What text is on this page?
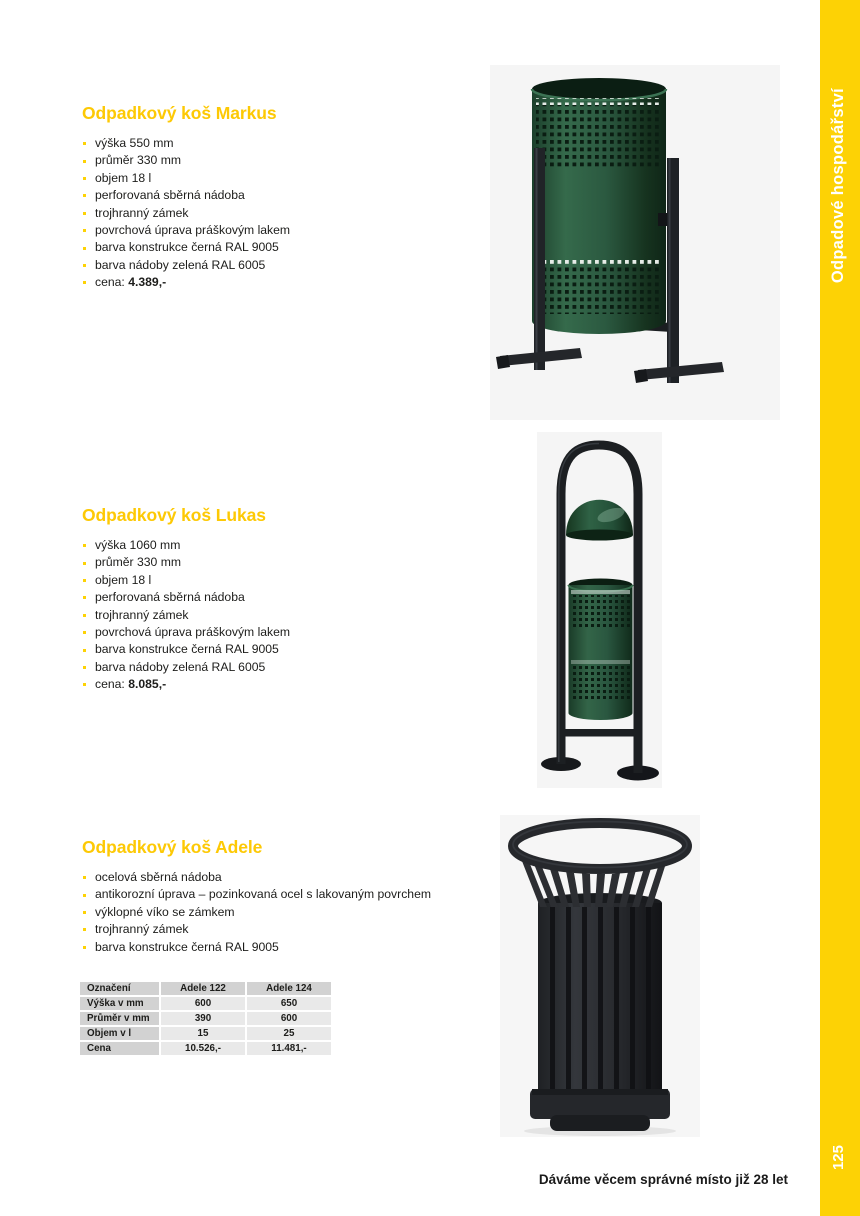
Odpadkový koš Markus
výška 550 mm
průměr 330 mm
objem 18 l
perforovaná sběrná nádoba
trojhranný zámek
povrchová úprava práškovým lakem
barva konstrukce černá RAL 9005
barva nádoby zelená RAL 6005
cena: 4.389,-
Odpadkový koš Lukas
výška 1060 mm
průměr 330 mm
objem 18 l
perforovaná sběrná nádoba
trojhranný zámek
povrchová úprava práškovým lakem
barva konstrukce černá RAL 9005
barva nádoby zelená RAL 6005
cena: 8.085,-
Odpadkový koš Adele
ocelová sběrná nádoba
antikorozní úprava – pozinkovaná ocel s lakovaným povrchem
výklopné víko se zámkem
trojhranný zámek
barva konstrukce černá RAL 9005
Označení	Adele 122	Adele 124
Výška v mm	600	650
Průměr v mm	390	600
Objem v l	15	25
Cena	10.526,-	11.481,-
Dáváme věcem správné místo již 28 let
Odpadové hospodářství
125
